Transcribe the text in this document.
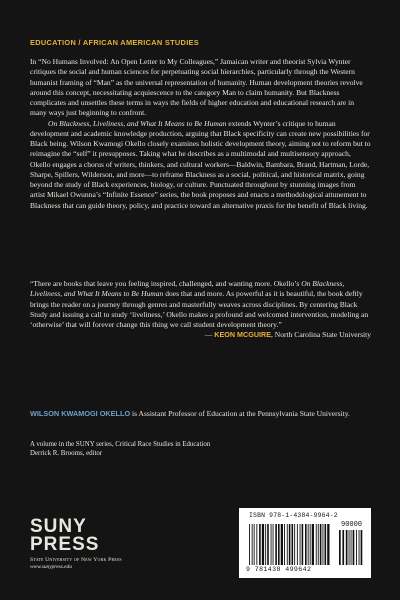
EDUCATION / AFRICAN AMERICAN STUDIES

In “No Humans Involved: An Open Letter to My Colleagues,” Jamaican writer and theorist Sylvia Wynter critiques the social and human sciences for perpetuating social hierarchies, particularly through the Western humanist framing of “Man” as the universal representation of humanity. Human development theories revolve around this concept, necessitating acquiescence to the category Man to claim humanity. But Blackness complicates and unsettles these terms in ways the fields of higher education and educational research are in many ways just beginning to confront.

On Blackness, Liveliness, and What It Means to Be Human extends Wynter’s critique to human development and academic knowledge production, arguing that Black specificity can create new possibilities for Black being. Wilson Kwamogi Okello closely examines holistic development theory, aiming not to reform but to reimagine the “self” it presupposes. Taking what he describes as a multimodal and multisensory approach, Okello engages a chorus of writers, thinkers, and cultural workers—Baldwin, Bambara, Brand, Hartman, Lorde, Sharpe, Spillers, Wilderson, and more—to reframe Blackness as a social, political, and historical matrix, going beyond the study of Black experiences, biology, or culture. Punctuated throughout by stunning images from artist Mikael Owunna’s “Infinite Essence” series, the book proposes and enacts a methodological attunement to Blackness that can guide theory, policy, and practice toward an alternative praxis for the benefit of Black living.

“There are books that leave you feeling inspired, challenged, and wanting more. Okello’s On Blackness, Liveliness, and What It Means to Be Human does that and more. As powerful as it is beautiful, the book deftly brings the reader on a journey through genres and masterfully weaves across disciplines. By centering Black Study and issuing a call to study ‘liveliness,’ Okello makes a profound and welcomed intervention, modeling an ‘otherwise’ that will forever change this thing we call student development theory.”
— KEON MCGUIRE, North Carolina State University
WILSON KWAMOGI OKELLO is Assistant Professor of Education at the Pennsylvania State University.
A volume in the SUNY series, Critical Race Studies in Education
Derrick R. Brooms, editor
SUNY
PRESS
State University of New York Press
www.sunypress.edu
ISBN 978-1-4384-9964-2
90000
9 781438 499642
